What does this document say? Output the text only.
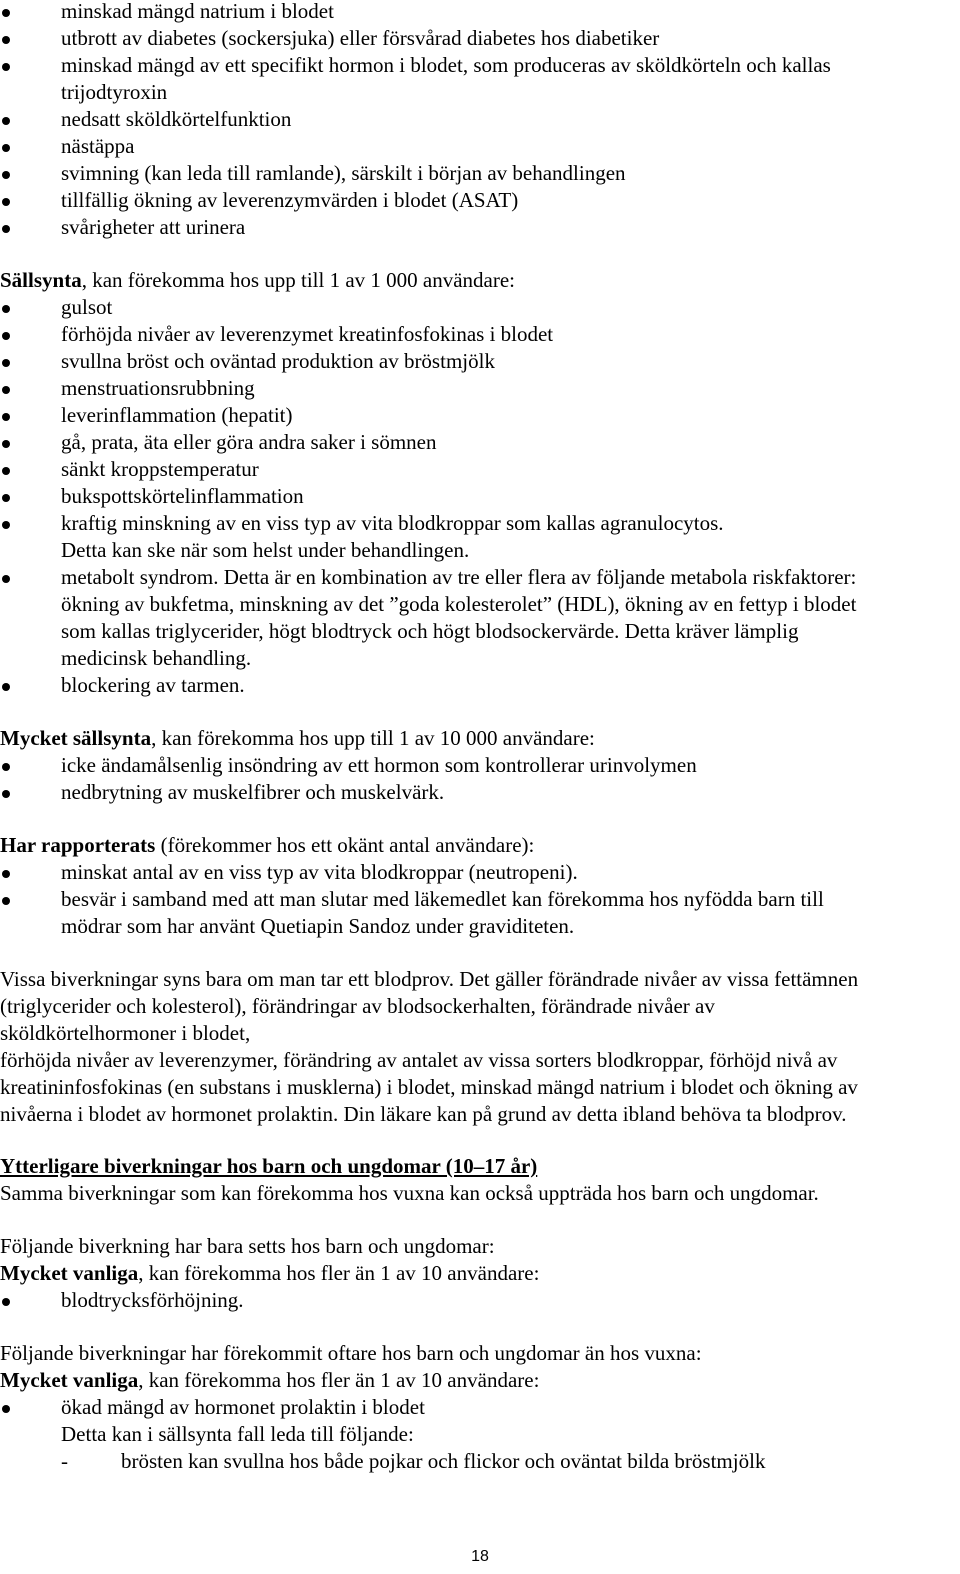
minskad mängd natrium i blodet
utbrott av diabetes (sockersjuka) eller försvårad diabetes hos diabetiker
minskad mängd av ett specifikt hormon i blodet, som produceras av sköldkörteln och kallas
trijodtyroxin
nedsatt sköldkörtelfunktion
nästäppa
svimning (kan leda till ramlande), särskilt i början av behandlingen
tillfällig ökning av leverenzymvärden i blodet (ASAT)
svårigheter att urinera

Sällsynta, kan förekomma hos upp till 1 av 1 000 användare:

gulsot
förhöjda nivåer av leverenzymet kreatinfosfokinas i blodet
svullna bröst och oväntad produktion av bröstmjölk
menstruationsrubbning
leverinflammation (hepatit)
gå, prata, äta eller göra andra saker i sömnen
sänkt kroppstemperatur
bukspottskörtelinflammation
kraftig minskning av en viss typ av vita blodkroppar som kallas agranulocytos.
Detta kan ske när som helst under behandlingen.
metabolt syndrom. Detta är en kombination av tre eller flera av följande metabola riskfaktorer:
ökning av bukfetma, minskning av det ”goda kolesterolet” (HDL), ökning av en fettyp i blodet
som kallas triglycerider, högt blodtryck och högt blodsockervärde. Detta kräver lämplig
medicinsk behandling.
blockering av tarmen.

Mycket sällsynta, kan förekomma hos upp till 1 av 10 000 användare:

icke ändamålsenlig insöndring av ett hormon som kontrollerar urinvolymen
nedbrytning av muskelfibrer och muskelvärk.

Har rapporterats (förekommer hos ett okänt antal användare):

minskat antal av en viss typ av vita blodkroppar (neutropeni).
besvär i samband med att man slutar med läkemedlet kan förekomma hos nyfödda barn till
mödrar som har använt Quetiapin Sandoz under graviditeten.

Vissa biverkningar syns bara om man tar ett blodprov. Det gäller förändrade nivåer av vissa fettämnen
(triglycerider och kolesterol), förändringar av blodsockerhalten, förändrade nivåer av
sköldkörtelhormoner i blodet,

förhöjda nivåer av leverenzymer, förändring av antalet av vissa sorters blodkroppar, förhöjd nivå av
kreatininfosfokinas (en substans i musklerna) i blodet, minskad mängd natrium i blodet och ökning av
nivåerna i blodet av hormonet prolaktin. Din läkare kan på grund av detta ibland behöva ta blodprov.

Ytterligare biverkningar hos barn och ungdomar (10–17 år)

Samma biverkningar som kan förekomma hos vuxna kan också uppträda hos barn och ungdomar.

Följande biverkning har bara setts hos barn och ungdomar:

Mycket vanliga, kan förekomma hos fler än 1 av 10 användare:

blodtrycksförhöjning.

Följande biverkningar har förekommit oftare hos barn och ungdomar än hos vuxna:

Mycket vanliga, kan förekomma hos fler än 1 av 10 användare:

ökad mängd av hormonet prolaktin i blodet
Detta kan i sällsynta fall leda till följande:
-	brösten kan svullna hos både pojkar och flickor och oväntat bilda bröstmjölk
18
